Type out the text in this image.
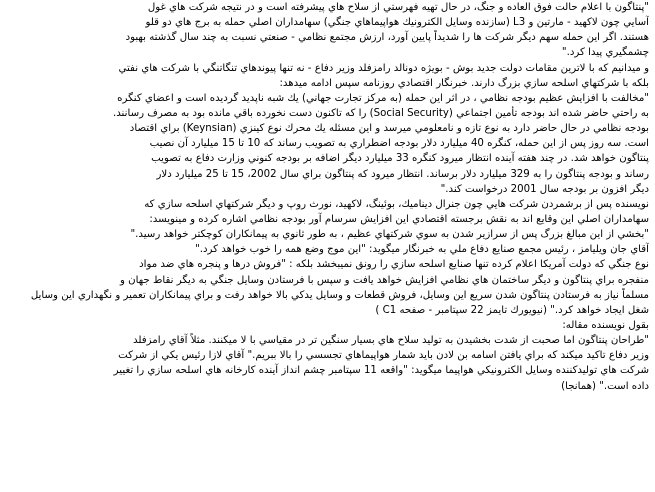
"پنتاگون با اعلام حالت فوق العاده و جنگ، در حال تهيه فهرستي از سلاح هاي پيشرفته است و در نتيجه شركت هاي غول
آسايي چون لاكهيد - مارتين و L3 (سازنده وسايل الكترونيك هواپيماهاي جنگي) سهامداران اصلي حمله به برج هاي دو قلو
هستند. اگر اين حمله سهم ديگر شركت ها را شديداً پايين آورد، ارزش مجتمع نظامي - صنعتي نسبت به چند سال گذشته بهبود
چشمگيري پيدا كرد."
و ميدانيم كه با لاترين مقامات دولت جديد بوش - بويژه دونالد رامزفلد وزير دفاع - نه تنها پيوندهاي تنگاتنگي با شركت هاي نفتي
بلكه با شركتهاي اسلحه سازي بزرگ دارند. خبرنگار اقتصادي روزنامه سپس ادامه ميدهد:
"مخالفت با افزايش عظيم بودجه نظامي ، در اثر اين حمله (به مركز تجارت جهاني) يك شبه ناپديد گرديده است و اعضاي كنگره
به راحتي حاضر شده اند بودجه تأمين اجتماعي (Social Security) را كه تاكنون دست نخورده باقي مانده بود به مصرف رسانند.
بودجه نظامي در حال حاضر دارد به نوع تازه و نامعلومي ميرسد و اين مسئله يك محرك نوع كينزي (Keynsian) براي اقتصاد
است. سه روز پس از اين حمله، كنگره 40 ميليارد دلار بودجه اضطراري به تصويب رساند كه 10 تا 15 ميليارد آن نصيب
پنتاگون خواهد شد. در چند هفته آينده انتظار ميرود كنگره 33 ميليارد ديگر اضافه بر بودجه كنوني وزارت دفاع به تصويب
رساند و بودجه پنتاگون را به 329 ميليارد دلار برساند. انتظار ميرود كه پنتاگون براي سال 2002، 15 تا 25 ميليارد دلار
ديگر افزون بر بودجه سال 2001 درخواست كند."
نويسنده پس از برشمردن شركت هايي چون جنرال ديناميك، بوئينگ، لاكهيد، نورث روپ و ديگر شركتهاي اسلحه سازي كه
سهامداران اصلي اين وقايع اند به نقش برجسته اقتصادي اين افزايش سرسام آور بودجه نظامي اشاره كرده و مينويسد:
"بخشي از اين مبالغ بزرگ پس از سرازير شدن به سوي شركتهاي عظيم ، به طور ثانوي به پيمانكاران كوچكتر خواهد رسيد."
آقاي جان ويليامز ، رئيس مجمع صنايع دفاع ملي به خبرنگار ميگويد: "اين موج وضع همه را خوب خواهد كرد."
نوع جنگي كه دولت آمريكا اعلام كرده تنها صنايع اسلحه سازي را رونق نميبخشد بلكه : "فروش درها و پنجره هاي ضد مواد
منفجره براي پنتاگون و ديگر ساختمان هاي نظامي افزايش خواهد يافت و سپس با فرستادن وسايل جنگي به ديگر نقاط جهان و
مسلماً نياز به فرستادن پنتاگون شدن سريع اين وسايل، فروش قطعات و وسايل يدكي بالا خواهد رفت و براي پيمانكاران تعمير و نگهداري اين وسايل
شغل ايجاد خواهد كرد." (نيويورك تايمز 22 سپتامبر - صفحه C1 )
بقول نويسنده مقاله:
"طراحان پنتاگون اما صحبت از شدت بخشيدن به توليد سلاح هاي بسيار سنگين تر در مقياسي با لا ميكنند. مثلاً آقاي رامزفلد
وزير دفاع تاكيد ميكند كه براي يافتن اسامه بن لادن بايد شمار هواپيماهاي تجسسي را بالا ببريم." آقاي لازا رئيس يكي از شركت
شركت هاي توليدكننده وسايل الكترونيكي هواپيما ميگويد: "واقعه 11 سپتامبر چشم انداز آينده كارخانه هاي اسلحه سازي را تغيير
داده است." (همانجا)
